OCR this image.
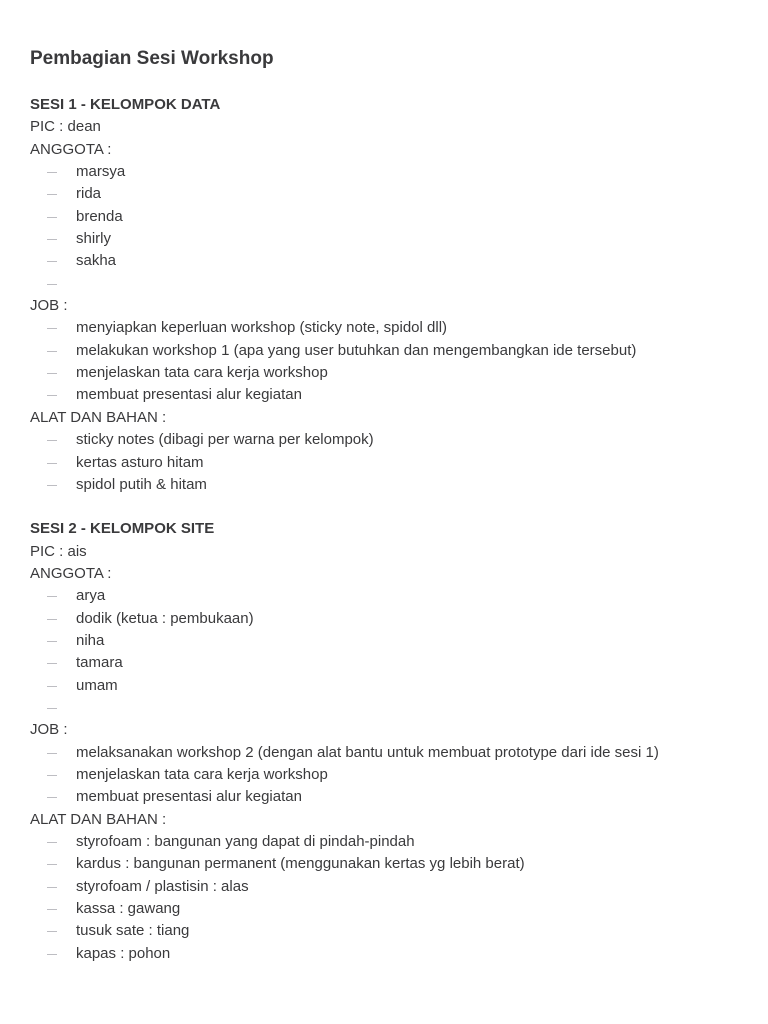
Pembagian Sesi Workshop
SESI 1 - KELOMPOK DATA
PIC : dean
ANGGOTA :
marsya
rida
brenda
shirly
sakha
JOB :
menyiapkan keperluan workshop (sticky note, spidol dll)
melakukan workshop 1 (apa yang user butuhkan dan mengembangkan ide tersebut)
menjelaskan tata cara kerja workshop
membuat presentasi alur kegiatan
ALAT DAN BAHAN :
sticky notes (dibagi per warna per kelompok)
kertas asturo hitam
spidol putih & hitam
SESI 2 - KELOMPOK SITE
PIC : ais
ANGGOTA :
arya
dodik (ketua : pembukaan)
niha
tamara
umam
JOB :
melaksanakan workshop 2 (dengan alat bantu untuk membuat prototype dari ide sesi 1)
menjelaskan tata cara kerja workshop
membuat presentasi alur kegiatan
ALAT DAN BAHAN :
styrofoam : bangunan yang dapat di pindah-pindah
kardus : bangunan permanent (menggunakan kertas yg lebih berat)
styrofoam / plastisin : alas
kassa : gawang
tusuk sate : tiang
kapas : pohon
